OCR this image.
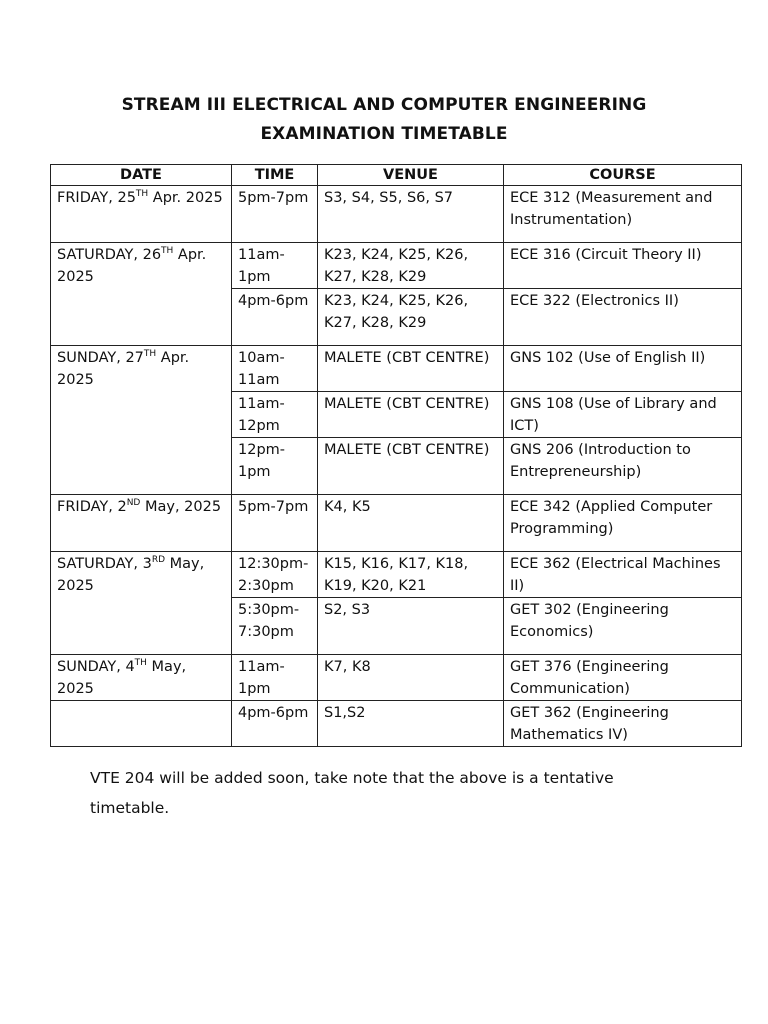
STREAM III ELECTRICAL AND COMPUTER ENGINEERING
EXAMINATION TIMETABLE
DATE	TIME	VENUE	COURSE
FRIDAY, 25TH Apr. 2025	5pm-7pm	S3, S4, S5, S6, S7	ECE 312 (Measurement and Instrumentation)
SATURDAY, 26TH Apr. 2025	11am-1pm	K23, K24, K25, K26, K27, K28, K29	ECE 316 (Circuit Theory II)
	4pm-6pm	K23, K24, K25, K26, K27, K28, K29	ECE 322 (Electronics II)
SUNDAY, 27TH Apr. 2025	10am-11am	MALETE (CBT CENTRE)	GNS 102 (Use of English II)
	11am-12pm	MALETE (CBT CENTRE)	GNS 108 (Use of Library and ICT)
	12pm-1pm	MALETE (CBT CENTRE)	GNS 206 (Introduction to Entrepreneurship)
FRIDAY, 2ND May, 2025	5pm-7pm	K4, K5	ECE 342 (Applied Computer Programming)
SATURDAY, 3RD May, 2025	12:30pm-2:30pm	K15, K16, K17, K18, K19, K20, K21	ECE 362 (Electrical Machines II)
	5:30pm-7:30pm	S2, S3	GET 302 (Engineering Economics)
SUNDAY, 4TH May, 2025	11am-1pm	K7, K8	GET 376 (Engineering Communication)
	4pm-6pm	S1,S2	GET 362 (Engineering Mathematics IV)
VTE 204 will be added soon, take note that the above is a tentative timetable.
